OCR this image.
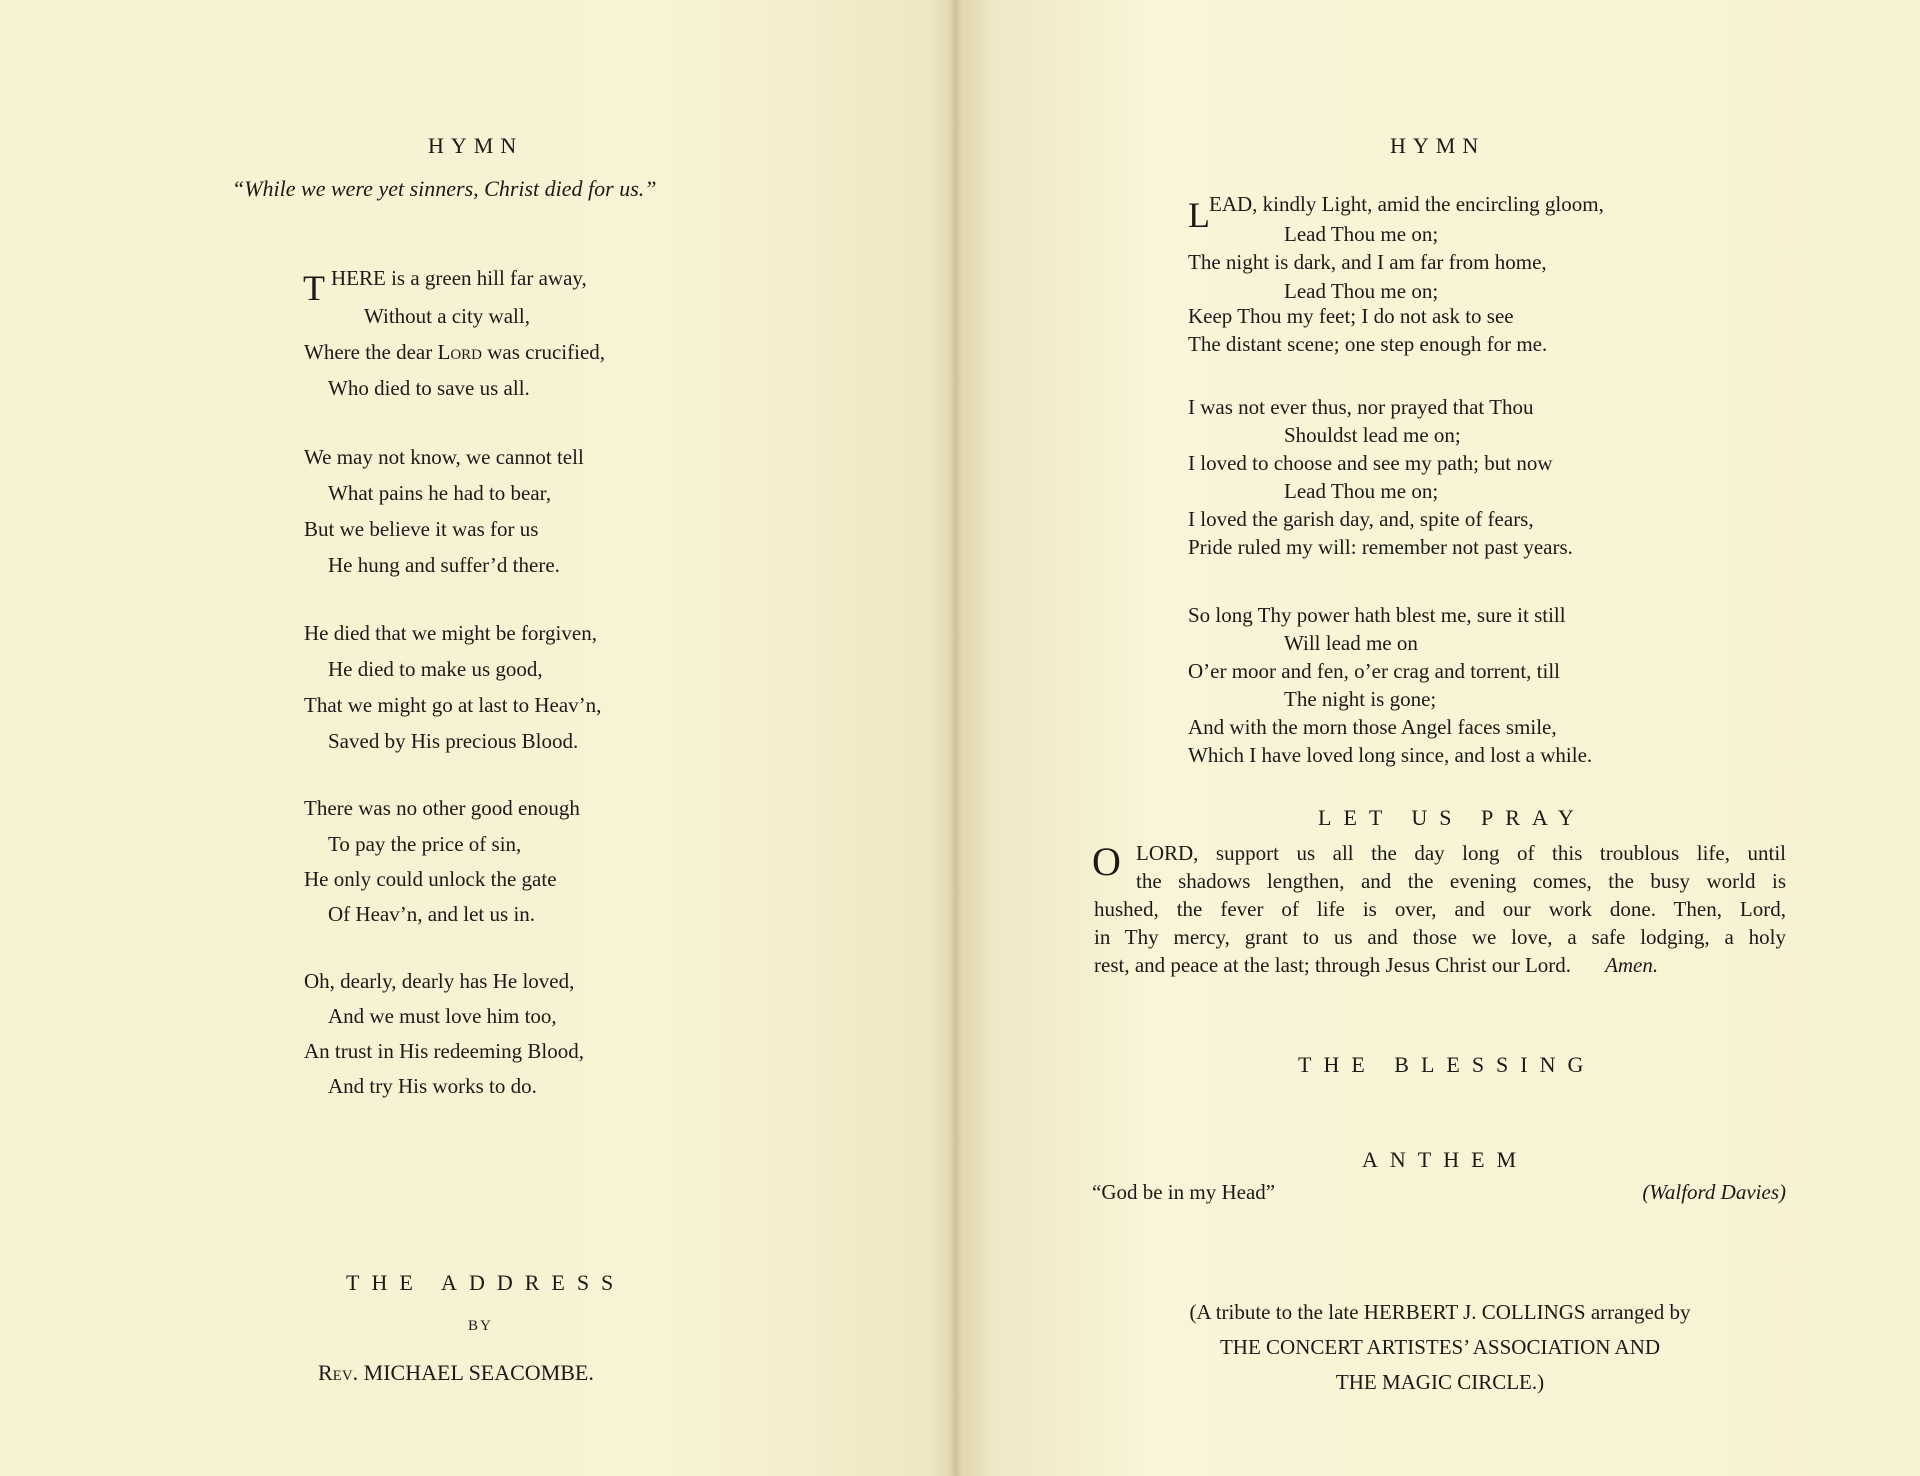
HYMN
“While we were yet sinners, Christ died for us.”
T HERE is a green hill far away,
Without a city wall,
Where the dear Lord was crucified,
Who died to save us all.
We may not know, we cannot tell
What pains he had to bear,
But we believe it was for us
He hung and suffer’d there.
He died that we might be forgiven,
He died to make us good,
That we might go at last to Heav’n,
Saved by His precious Blood.
There was no other good enough
To pay the price of sin,
He only could unlock the gate
Of Heav’n, and let us in.
Oh, dearly, dearly has He loved,
And we must love him too,
An trust in His redeeming Blood,
And try His works to do.
THE ADDRESS
BY
Rev. MICHAEL SEACOMBE.
HYMN
L EAD, kindly Light, amid the encircling gloom,
Lead Thou me on;
The night is dark, and I am far from home,
Lead Thou me on;
Keep Thou my feet; I do not ask to see
The distant scene; one step enough for me.
I was not ever thus, nor prayed that Thou
Shouldst lead me on;
I loved to choose and see my path; but now
Lead Thou me on;
I loved the garish day, and, spite of fears,
Pride ruled my will: remember not past years.
So long Thy power hath blest me, sure it still
Will lead me on
O’er moor and fen, o’er crag and torrent, till
The night is gone;
And with the morn those Angel faces smile,
Which I have loved long since, and lost a while.
LET US PRAY
O LORD, support us all the day long of this troublous life, until
the shadows lengthen, and the evening comes, the busy world is
hushed, the fever of life is over, and our work done. Then, Lord,
in Thy mercy, grant to us and those we love, a safe lodging, a holy
rest, and peace at the last; through Jesus Christ our Lord. Amen.
THE BLESSING
ANTHEM
“God be in my Head”	(Walford Davies)
(A tribute to the late HERBERT J. COLLINGS arranged by
THE CONCERT ARTISTES’ ASSOCIATION AND
THE MAGIC CIRCLE.)
